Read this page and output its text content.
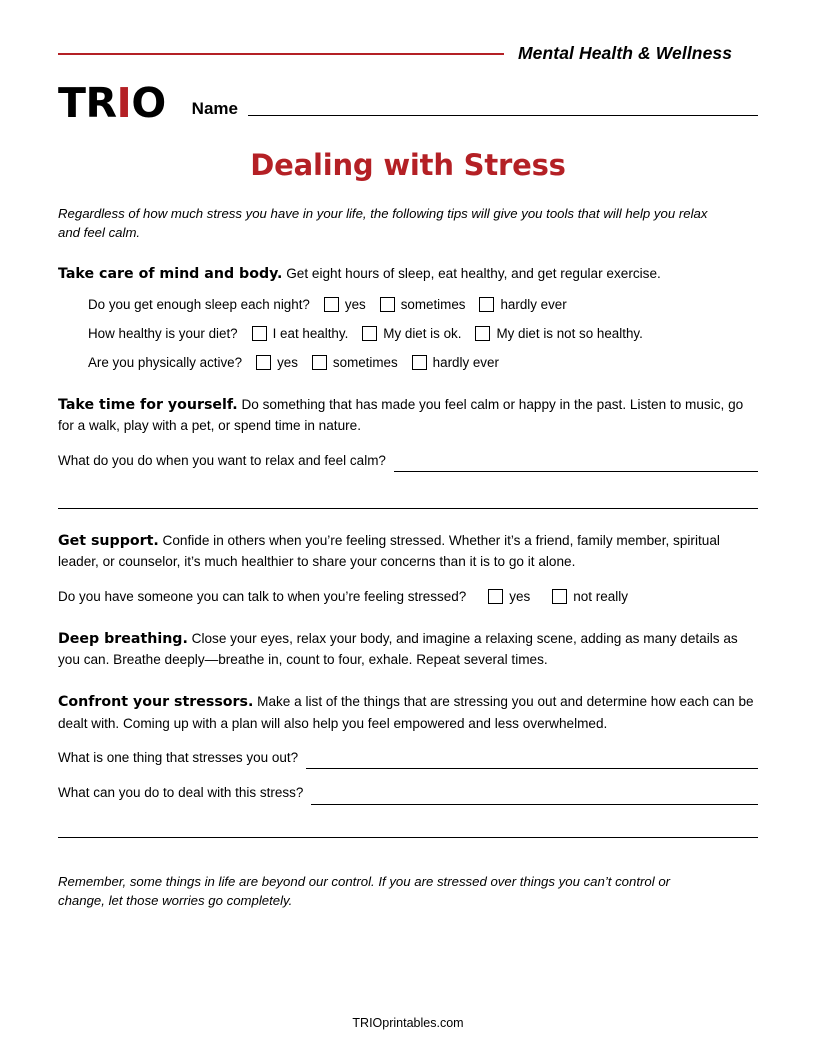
Mental Health & Wellness
TRIO Name
Dealing with Stress
Regardless of how much stress you have in your life, the following tips will give you tools that will help you relax and feel calm.

Take care of mind and body. Get eight hours of sleep, eat healthy, and get regular exercise.

Do you get enough sleep each night?	yes	sometimes	hardly ever
How healthy is your diet?	I eat healthy.	My diet is ok.	My diet is not so healthy.
Are you physically active?	yes	sometimes	hardly ever

Take time for yourself. Do something that has made you feel calm or happy in the past. Listen to music, go for a walk, play with a pet, or spend time in nature.

What do you do when you want to relax and feel calm?

Get support. Confide in others when you’re feeling stressed. Whether it’s a friend, family member, spiritual leader, or counselor, it’s much healthier to share your concerns than it is to go it alone.

Do you have someone you can talk to when you’re feeling stressed?	yes	not really

Deep breathing. Close your eyes, relax your body, and imagine a relaxing scene, adding as many details as you can. Breathe deeply—breathe in, count to four, exhale. Repeat several times.

Confront your stressors. Make a list of the things that are stressing you out and determine how each can be dealt with. Coming up with a plan will also help you feel empowered and less overwhelmed.

What is one thing that stresses you out?
What can you do to deal with this stress?
Remember, some things in life are beyond our control. If you are stressed over things you can’t control or change, let those worries go completely.
TRIOprintables.com
